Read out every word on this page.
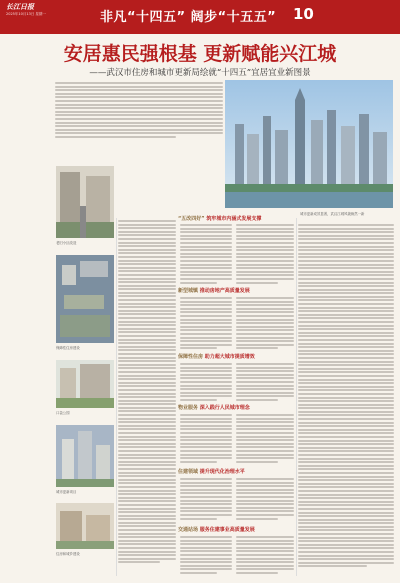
长江日报
2025年10月13日 星期一	非凡“十四五” 阔步“十五五” 10
安居惠民强根基 更新赋能兴江城
——武汉市住房和城市更新局绘就“十四五”宜居宜业新图景
城市更新成效显著，武汉江城风貌焕然一新
老旧小区改造
保障性住房建设
口袋公园
城市更新项目
住房和城乡建设
“五改四好” 筑牢城市内涵式发展支撑
新型城镇 推动房地产高质量发展
保障性住房 助力超大城市提质增效
物业服务 深入践行人民城市理念
住建领域 提升现代化治理水平
交通站场 服务住建事业高质量发展
